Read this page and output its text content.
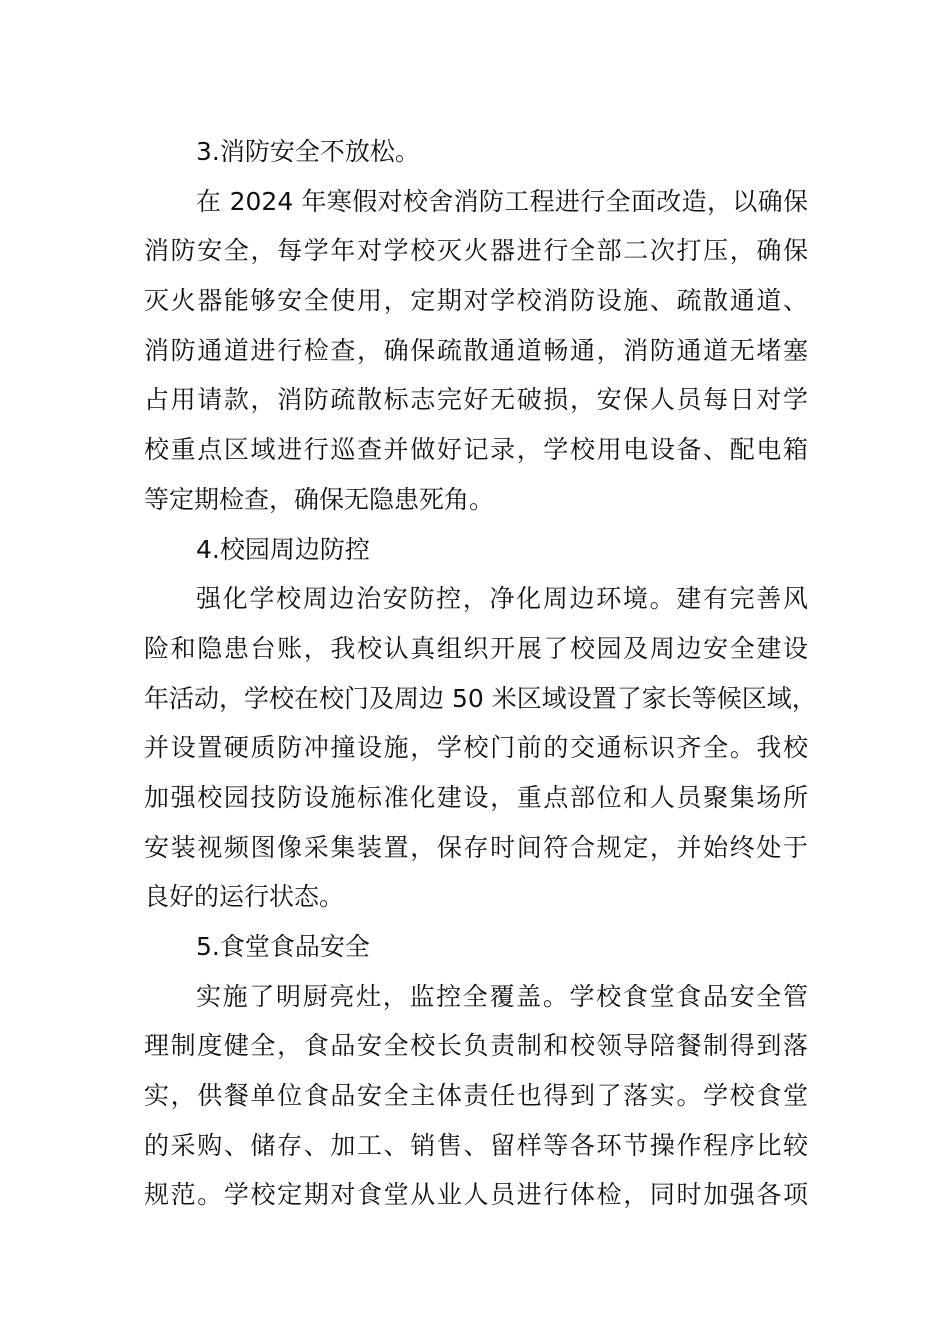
3.消防安全不放松。
在 2024 年寒假对校舍消防工程进行全面改造，以确保
消防安全，每学年对学校灭火器进行全部二次打压，确保
灭火器能够安全使用，定期对学校消防设施、疏散通道、
消防通道进行检查，确保疏散通道畅通，消防通道无堵塞
占用请款，消防疏散标志完好无破损，安保人员每日对学
校重点区域进行巡查并做好记录，学校用电设备、配电箱
等定期检查，确保无隐患死角。
4.校园周边防控
强化学校周边治安防控，净化周边环境。建有完善风
险和隐患台账，我校认真组织开展了校园及周边安全建设
年活动，学校在校门及周边 50 米区域设置了家长等候区域，
并设置硬质防冲撞设施，学校门前的交通标识齐全。我校
加强校园技防设施标准化建设，重点部位和人员聚集场所
安装视频图像采集装置，保存时间符合规定，并始终处于
良好的运行状态。
5.食堂食品安全
实施了明厨亮灶，监控全覆盖。学校食堂食品安全管
理制度健全，食品安全校长负责制和校领导陪餐制得到落
实，供餐单位食品安全主体责任也得到了落实。学校食堂
的采购、储存、加工、销售、留样等各环节操作程序比较
规范。学校定期对食堂从业人员进行体检，同时加强各项
